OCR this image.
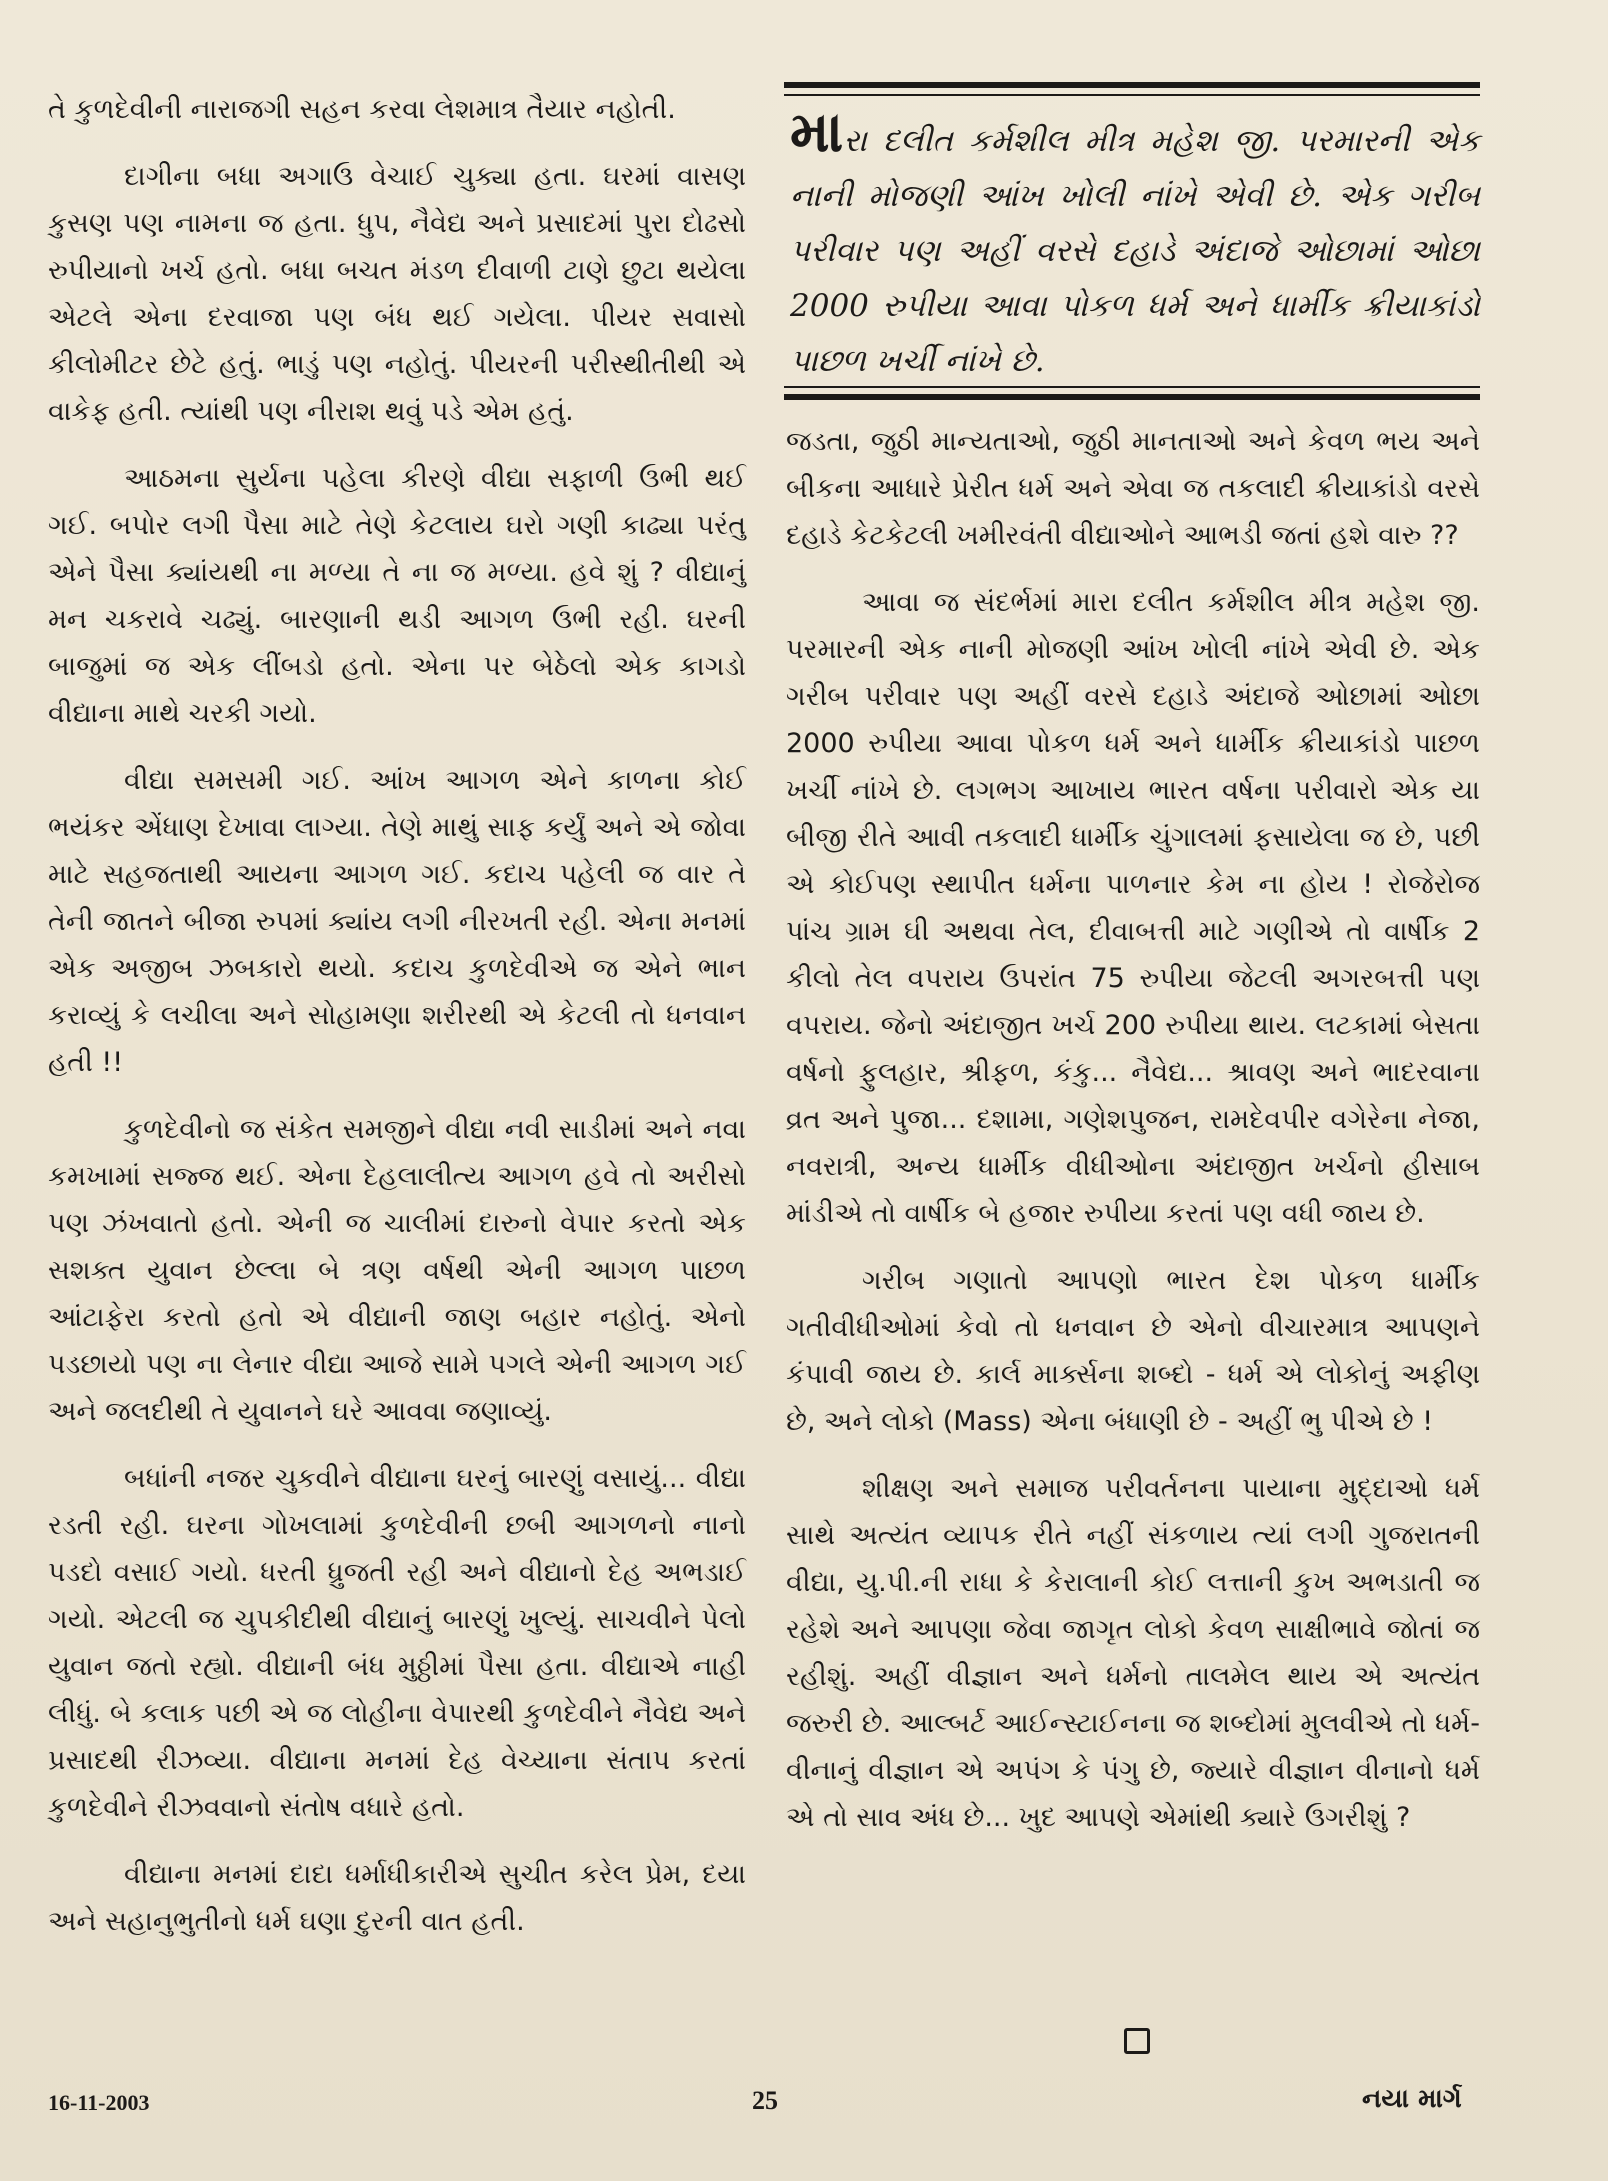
તે કુળદેવીની નારાજગી સહન કરવા લેશમાત્ર તૈયાર નહોતી.

દાગીના બધા અગાઉ વેચાઈ ચુક્યા હતા. ઘરમાં વાસણ કુસણ પણ નામના જ હતા. ધુપ, નૈવેદ્ય અને પ્રસાદમાં પુરા દોઢસો રુપીયાનો ખર્ચ હતો. બધા બચત મંડળ દીવાળી ટાણે છુટા થયેલા એટલે એના દરવાજા પણ બંધ થઈ ગયેલા. પીયર સવાસો કીલોમીટર છેટે હતું. ભાડું પણ નહોતું. પીયરની પરીસ્થીતીથી એ વાકેફ હતી. ત્યાંથી પણ નીરાશ થવું પડે એમ હતું.

આઠમના સુર્યના પહેલા કીરણે વીદ્યા સફાળી ઉભી થઈ ગઈ. બપોર લગી પૈસા માટે તેણે કેટલાય ઘરો ગણી કાઢ્યા પરંતુ એને પૈસા ક્યાંયથી ના મળ્યા તે ના જ મળ્યા. હવે શું ? વીદ્યાનું મન ચકરાવે ચઢ્યું. બારણાની થડી આગળ ઉભી રહી. ઘરની બાજુમાં જ એક લીંબડો હતો. એના પર બેઠેલો એક કાગડો વીદ્યાના માથે ચરકી ગયો.

વીદ્યા સમસમી ગઈ. આંખ આગળ એને કાળના કોઈ ભયંકર એંધાણ દેખાવા લાગ્યા. તેણે માથું સાફ કર્યું અને એ જોવા માટે સહજતાથી આયના આગળ ગઈ. કદાચ પહેલી જ વાર તે તેની જાતને બીજા રુપમાં ક્યાંય લગી નીરખતી રહી. એના મનમાં એક અજીબ ઝબકારો થયો. કદાચ કુળદેવીએ જ એને ભાન કરાવ્યું કે લચીલા અને સોહામણા શરીરથી એ કેટલી તો ધનવાન હતી !!

કુળદેવીનો જ સંકેત સમજીને વીદ્યા નવી સાડીમાં અને નવા કમખામાં સજ્જ થઈ. એના દેહલાલીત્ય આગળ હવે તો અરીસો પણ ઝંખવાતો હતો. એની જ ચાલીમાં દારુનો વેપાર કરતો એક સશક્ત યુવાન છેલ્લા બે ત્રણ વર્ષથી એની આગળ પાછળ આંટાફેરા કરતો હતો એ વીદ્યાની જાણ બહાર નહોતું. એનો પડછાયો પણ ના લેનાર વીદ્યા આજે સામે પગલે એની આગળ ગઈ અને જલદીથી તે યુવાનને ઘરે આવવા જણાવ્યું.

બધાંની નજર ચુકવીને વીદ્યાના ઘરનું બારણું વસાયું... વીદ્યા રડતી રહી. ઘરના ગોખલામાં કુળદેવીની છબી આગળનો નાનો પડદો વસાઈ ગયો. ધરતી ધ્રુજતી રહી અને વીદ્યાનો દેહ અભડાઈ ગયો. એટલી જ ચુપકીદીથી વીદ્યાનું બારણું ખુલ્યું. સાચવીને પેલો યુવાન જતો રહ્યો. વીદ્યાની બંધ મુઠ્ઠીમાં પૈસા હતા. વીદ્યાએ નાહી લીધું. બે કલાક પછી એ જ લોહીના વેપારથી કુળદેવીને નૈવેદ્ય અને પ્રસાદથી રીઝવ્યા. વીદ્યાના મનમાં દેહ વેચ્યાના સંતાપ કરતાં કુળદેવીને રીઝવવાનો સંતોષ વધારે હતો.

વીદ્યાના મનમાં દાદા ધર્માધીકારીએ સુચીત કરેલ પ્રેમ, દયા અને સહાનુભુતીનો ધર્મ ઘણા દુરની વાત હતી.

મારા દલીત કર્મશીલ મીત્ર મહેશ જી. પરમારની એક નાની મોજણી આંખ ખોલી નાંખે એવી છે. એક ગરીબ પરીવાર પણ અહીં વરસે દહાડે અંદાજે ઓછામાં ઓછા 2000 રુપીયા આવા પોકળ ધર્મ અને ધાર્મીક ક્રીયાકાંડો પાછળ ખર્ચી નાંખે છે.

જડતા, જુઠી માન્યતાઓ, જુઠી માનતાઓ અને કેવળ ભય અને બીકના આધારે પ્રેરીત ધર્મ અને એવા જ તકલાદી ક્રીયાકાંડો વરસે દહાડે કેટકેટલી ખમીરવંતી વીદ્યાઓને આભડી જતાં હશે વારુ ??

આવા જ સંદર્ભમાં મારા દલીત કર્મશીલ મીત્ર મહેશ જી. પરમારની એક નાની મોજણી આંખ ખોલી નાંખે એવી છે. એક ગરીબ પરીવાર પણ અહીં વરસે દહાડે અંદાજે ઓછામાં ઓછા 2000 રુપીયા આવા પોકળ ધર્મ અને ધાર્મીક ક્રીયાકાંડો પાછળ ખર્ચી નાંખે છે. લગભગ આખાય ભારત વર્ષના પરીવારો એક યા બીજી રીતે આવી તકલાદી ધાર્મીક ચુંગાલમાં ફસાયેલા જ છે, પછી એ કોઈપણ સ્થાપીત ધર્મના પાળનાર કેમ ના હોય ! રોજેરોજ પાંચ ગ્રામ ઘી અથવા તેલ, દીવાબત્તી માટે ગણીએ તો વાર્ષીક 2 કીલો તેલ વપરાય ઉપરાંત 75 રુપીયા જેટલી અગરબત્તી પણ વપરાય. જેનો અંદાજીત ખર્ચ 200 રુપીયા થાય. લટકામાં બેસતા વર્ષનો ફુલહાર, શ્રીફળ, કંકુ... નૈવેદ્ય... શ્રાવણ અને ભાદરવાના વ્રત અને પુજા... દશામા, ગણેશપુજન, રામદેવપીર વગેરેના નેજા, નવરાત્રી, અન્ય ધાર્મીક વીધીઓના અંદાજીત ખર્ચનો હીસાબ માંડીએ તો વાર્ષીક બે હજાર રુપીયા કરતાં પણ વધી જાય છે.

ગરીબ ગણાતો આપણો ભારત દેશ પોકળ ધાર્મીક ગતીવીધીઓમાં કેવો તો ધનવાન છે એનો વીચારમાત્ર આપણને કંપાવી જાય છે. કાર્લ માર્ક્સના શબ્દો - ધર્મ એ લોકોનું અફીણ છે, અને લોકો (Mass) એના બંધાણી છે - અહીં ભુ પીએ છે !

શીક્ષણ અને સમાજ પરીવર્તનના પાયાના મુદ્દાઓ ધર્મ સાથે અત્યંત વ્યાપક રીતે નહીં સંકળાય ત્યાં લગી ગુજરાતની વીદ્યા, યુ.પી.ની રાધા કે કેરાલાની કોઈ લત્તાની કુખ અભડાતી જ રહેશે અને આપણા જેવા જાગૃત લોકો કેવળ સાક્ષીભાવે જોતાં જ રહીશું. અહીં વીજ્ઞાન અને ધર્મનો તાલમેલ થાય એ અત્યંત જરુરી છે. આલ્બર્ટ આઈન્સ્ટાઈનના જ શબ્દોમાં મુલવીએ તો ધર્મ-વીનાનું વીજ્ઞાન એ અપંગ કે પંગુ છે, જ્યારે વીજ્ઞાન વીનાનો ધર્મ એ તો સાવ અંધ છે... ખુદ આપણે એમાંથી ક્યારે ઉગરીશું ?

16-11-2003	25	નયા માર્ગ
